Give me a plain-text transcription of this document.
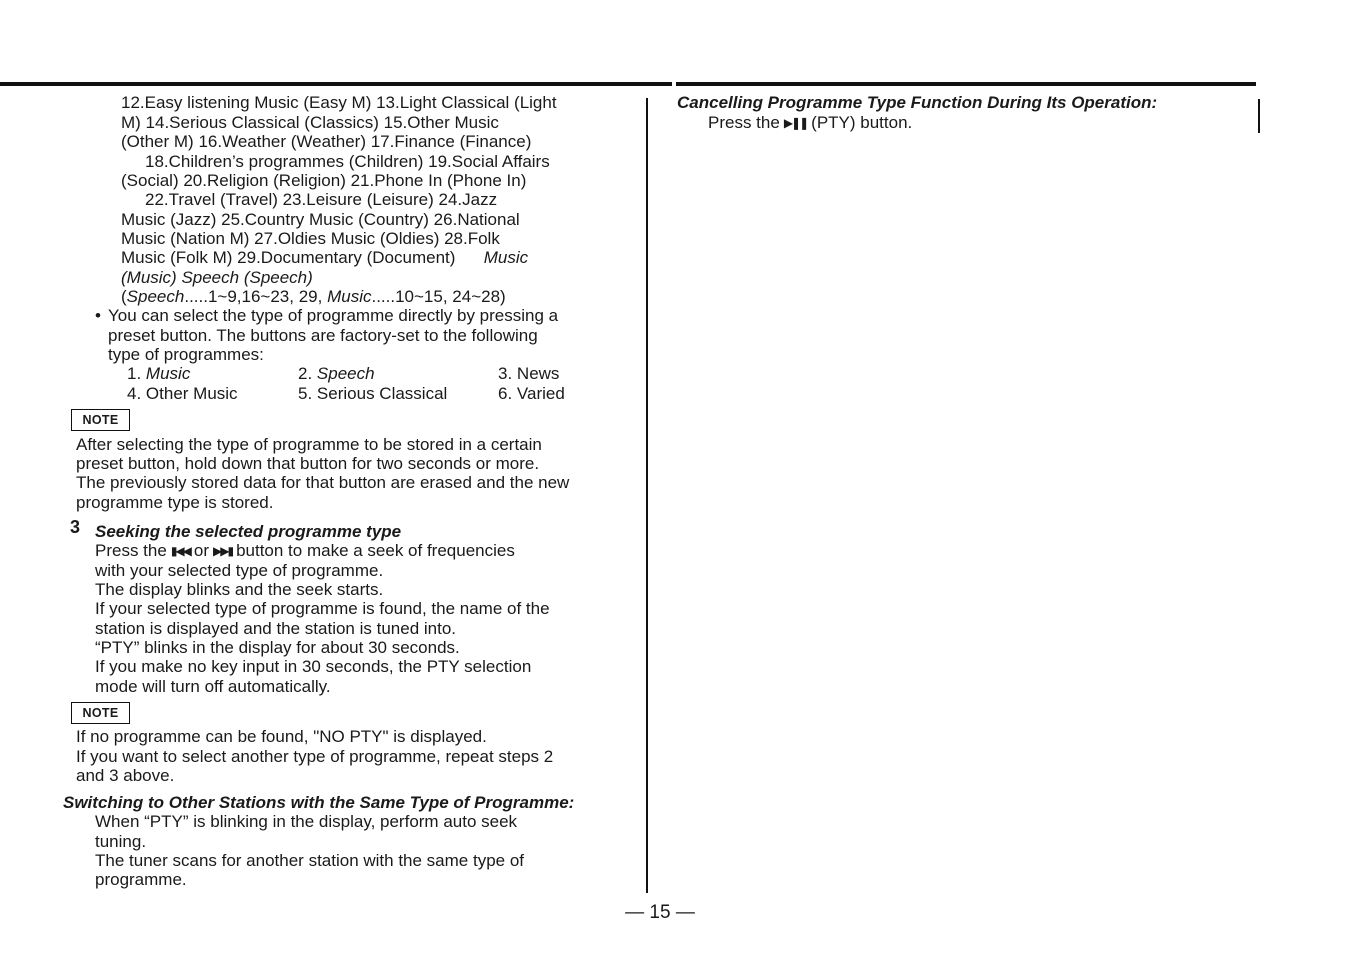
12.Easy listening Music (Easy M) 13.Light Classical (Light

M) 14.Serious Classical (Classics) 15.Other Music

(Other M) 16.Weather (Weather) 17.Finance (Finance)

18.Children’s programmes (Children) 19.Social Affairs

(Social) 20.Religion (Religion) 21.Phone In (Phone In)

22.Travel (Travel) 23.Leisure (Leisure) 24.Jazz

Music (Jazz) 25.Country Music (Country) 26.National

Music (Nation M) 27.Oldies Music (Oldies) 28.Folk

Music (Folk M) 29.Documentary (Document) Music

(Music) Speech (Speech)

(Speech.....1~9,16~23, 29, Music.....10~15, 24~28)

• You can select the type of programme directly by pressing a

preset button. The buttons are factory-set to the following

type of programmes:

1. Music	2. Speech	3. News

4. Other Music	5. Serious Classical	6. Varied

NOTE

After selecting the type of programme to be stored in a certain

preset button, hold down that button for two seconds or more.

The previously stored data for that button are erased and the new

programme type is stored.

3 Seeking the selected programme type

Press the ▮◀◀ or ▶▶▮ button to make a seek of frequencies

with your selected type of programme.

The display blinks and the seek starts.

If your selected type of programme is found, the name of the

station is displayed and the station is tuned into.

“PTY” blinks in the display for about 30 seconds.

If you make no key input in 30 seconds, the PTY selection

mode will turn off automatically.

NOTE

If no programme can be found, "NO PTY" is displayed.

If you want to select another type of programme, repeat steps 2

and 3 above.

Switching to Other Stations with the Same Type of Programme:

When “PTY” is blinking in the display, perform auto seek

tuning.

The tuner scans for another station with the same type of

programme.

Cancelling Programme Type Function During Its Operation:

Press the ▶❚❚ (PTY) button.

— 15 —
